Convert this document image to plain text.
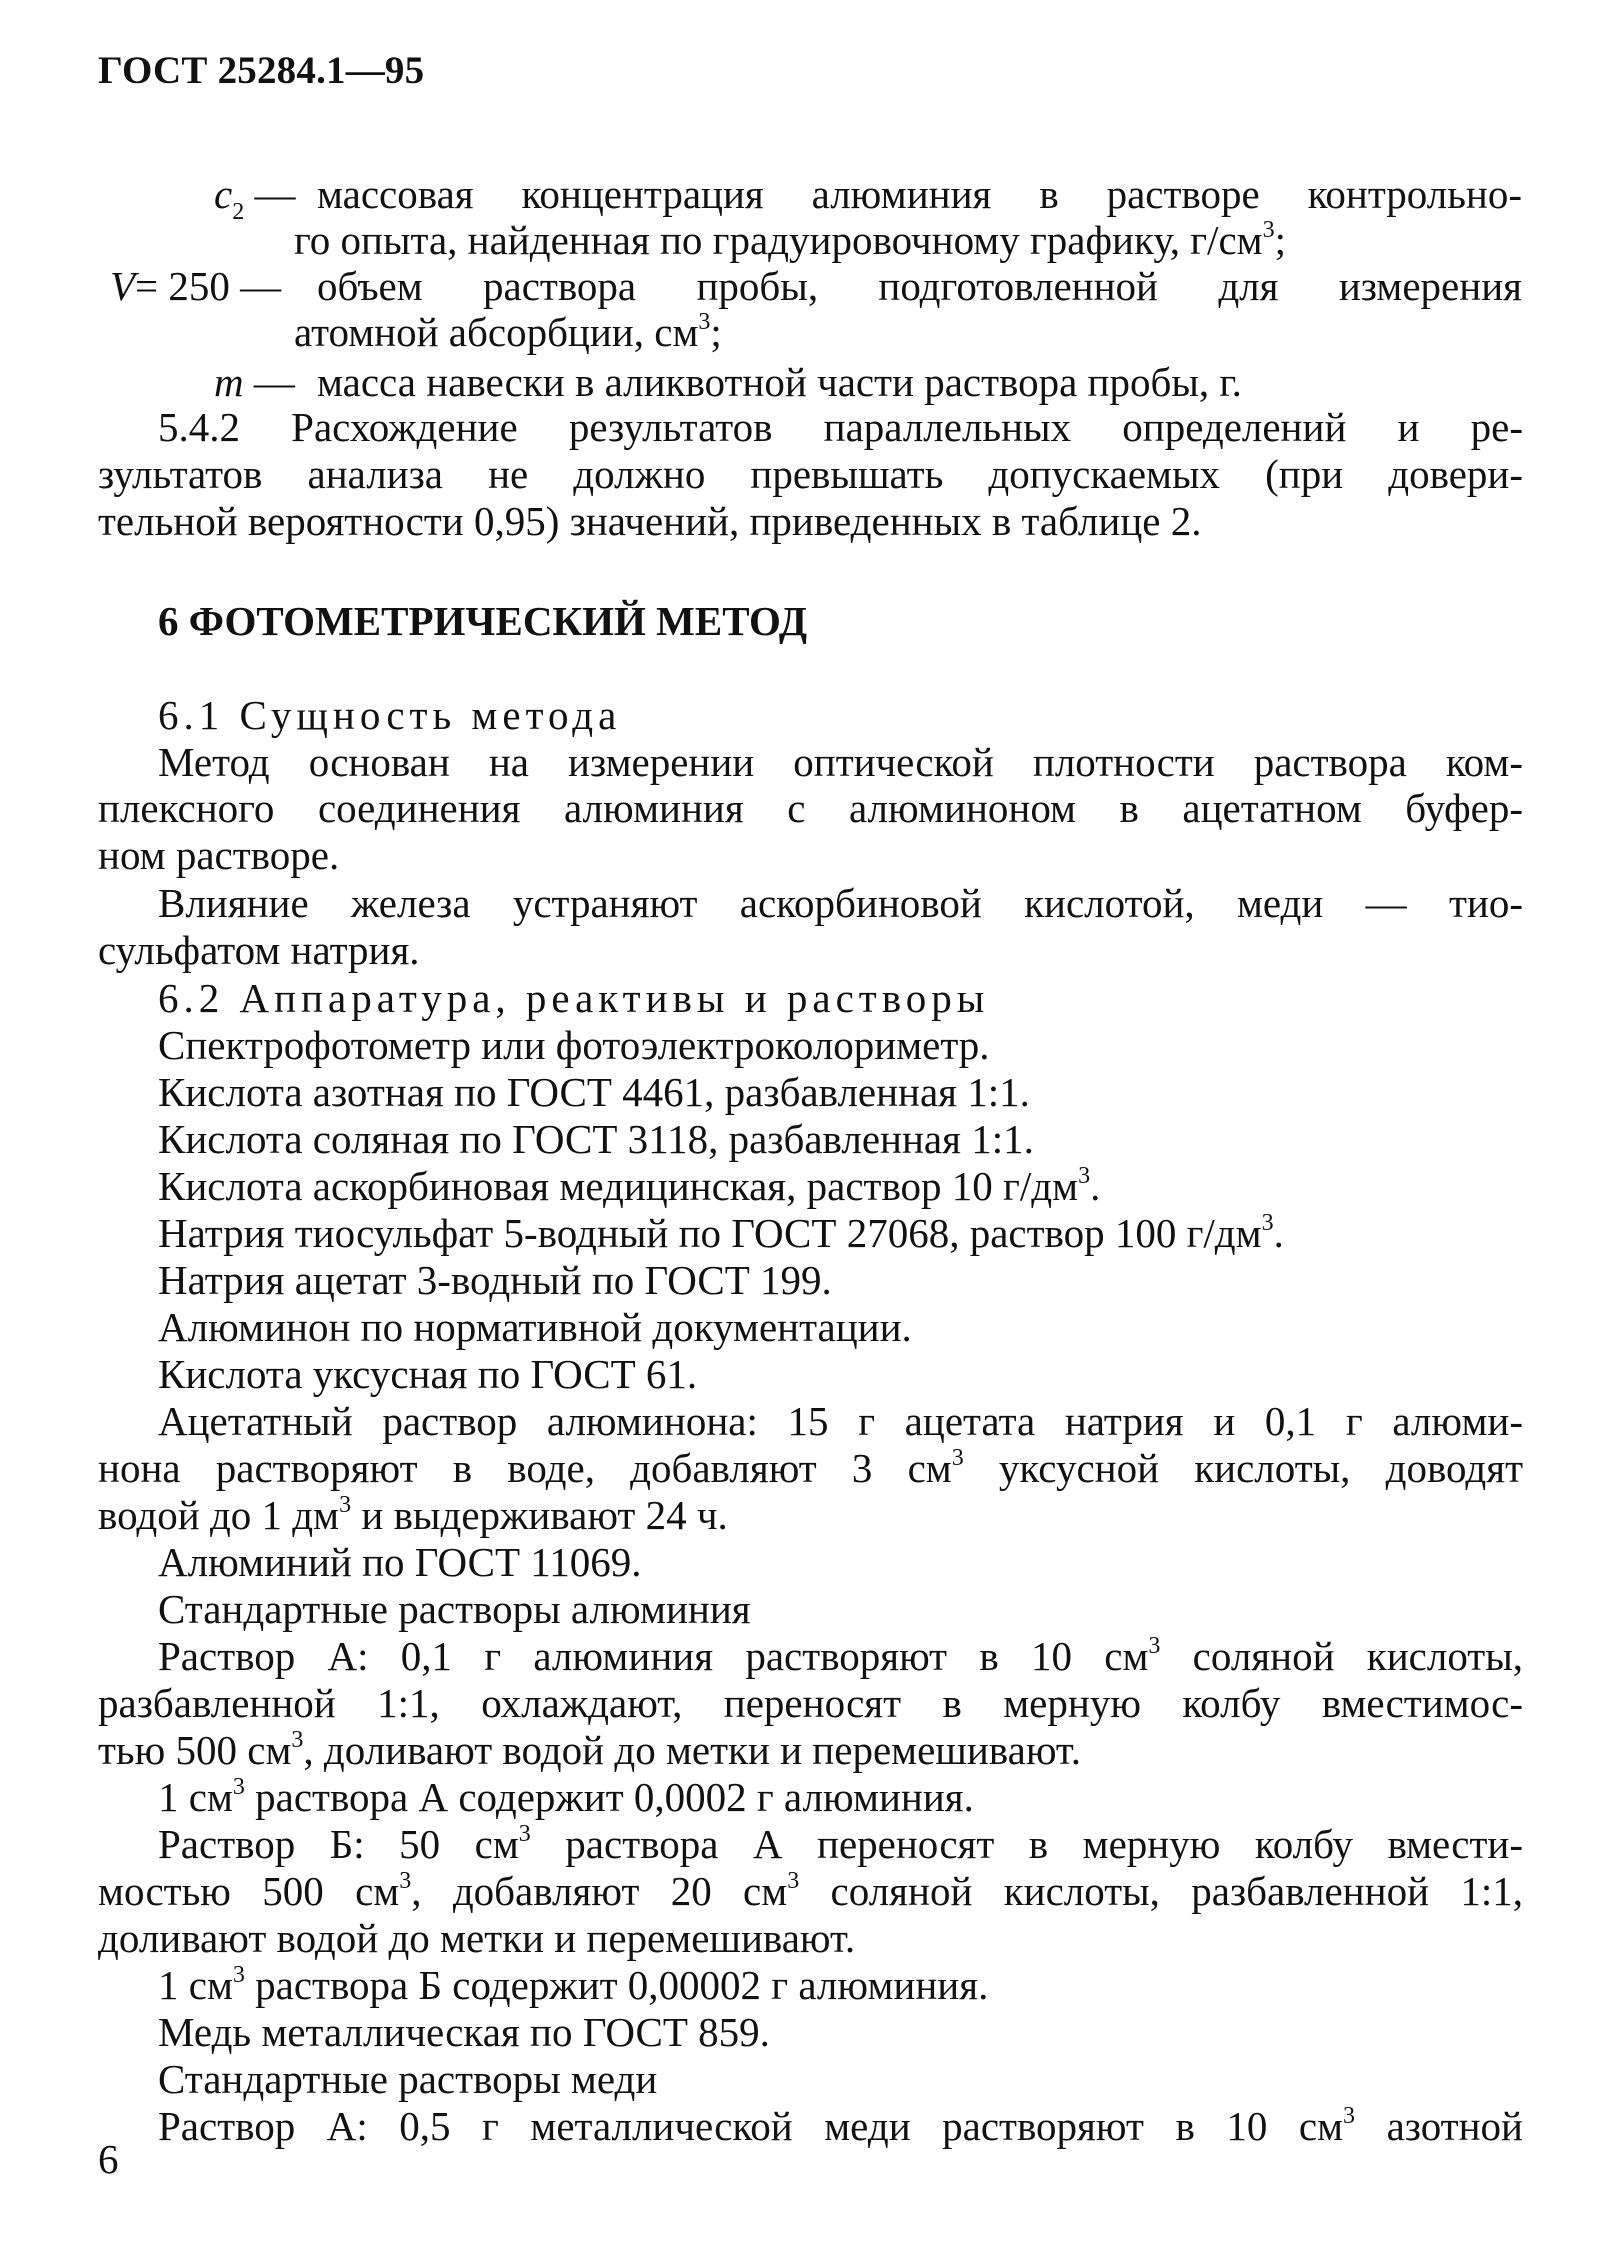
ГОСТ 25284.1—95
$c_2$ — массовая концентрация алюминия в растворе контрольно-
го опыта, найденная по градуировочному графику, $г/см^3$;
V= 250 — объем раствора пробы, подготовленной для измерения
атомной абсорбции, $см^3$;
m — масса навески в аликвотной части раствора пробы, г.
5.4.2 Расхождение результатов параллельных определений и ре-
зультатов анализа не должно превышать допускаемых (при довери-
тельной вероятности 0,95) значений, приведенных в таблице 2.
6 ФОТОМЕТРИЧЕСКИЙ МЕТОД
6.1 Сущность метода
Метод основан на измерении оптической плотности раствора ком-
плексного соединения алюминия с алюминоном в ацетатном буфер-
ном растворе.
Влияние железа устраняют аскорбиновой кислотой, меди — тио-
сульфатом натрия.
6.2 Аппаратура, реактивы и растворы
Спектрофотометр или фотоэлектроколориметр.
Кислота азотная по ГОСТ 4461, разбавленная 1:1.
Кислота соляная по ГОСТ 3118, разбавленная 1:1.
Кислота аскорбиновая медицинская, раствор 10 $г/дм^3$.
Натрия тиосульфат 5-водный по ГОСТ 27068, раствор 100 $г/дм^3$.
Натрия ацетат 3-водный по ГОСТ 199.
Алюминон по нормативной документации.
Кислота уксусная по ГОСТ 61.
Ацетатный раствор алюминона: 15 г ацетата натрия и 0,1 г алюми-
нона растворяют в воде, добавляют 3 $см^3$ уксусной кислоты, доводят
водой до 1 $дм^3$ и выдерживают 24 ч.
Алюминий по ГОСТ 11069.
Стандартные растворы алюминия
Раствор А: 0,1 г алюминия растворяют в 10 $см^3$ соляной кислоты,
разбавленной 1:1, охлаждают, переносят в мерную колбу вместимос-
тью 500 $см^3$, доливают водой до метки и перемешивают.
1 $см^3$ раствора А содержит 0,0002 г алюминия.
Раствор Б: 50 $см^3$ раствора А переносят в мерную колбу вмести-
мостью 500 $см^3$, добавляют 20 $см^3$ соляной кислоты, разбавленной 1:1,
доливают водой до метки и перемешивают.
1 $см^3$ раствора Б содержит 0,00002 г алюминия.
Медь металлическая по ГОСТ 859.
Стандартные растворы меди
Раствор А: 0,5 г металлической меди растворяют в 10 $см^3$ азотной
6
